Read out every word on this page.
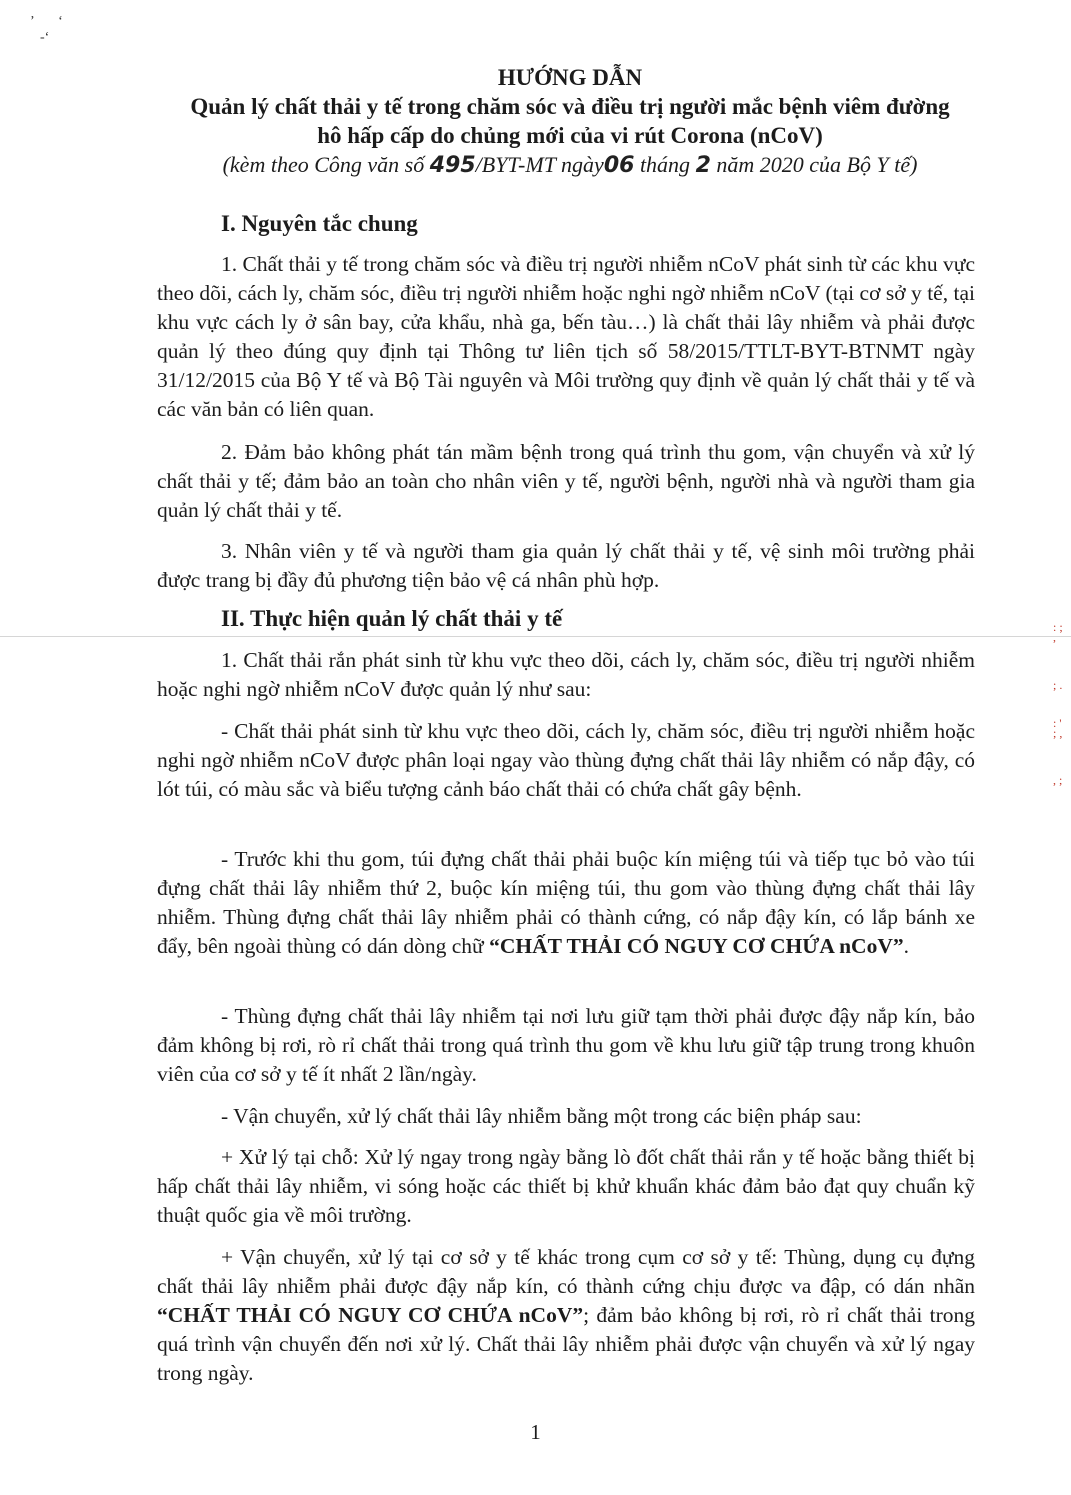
’       ‘
-‘
HƯỚNG DẪN
Quản lý chất thải y tế trong chăm sóc và điều trị người mắc bệnh viêm đường
hô hấp cấp do chủng mới của vi rút Corona (nCoV)
(kèm theo Công văn số 495/BYT-MT ngày06 tháng 2 năm 2020 của Bộ Y tế)
I. Nguyên tắc chung

1. Chất thải y tế trong chăm sóc và điều trị người nhiễm nCoV phát sinh từ các khu vực theo dõi, cách ly, chăm sóc, điều trị người nhiễm hoặc nghi ngờ nhiễm nCoV (tại cơ sở y tế, tại khu vực cách ly ở sân bay, cửa khẩu, nhà ga, bến tàu…) là chất thải lây nhiễm và phải được quản lý theo đúng quy định tại Thông tư liên tịch số 58/2015/TTLT-BYT-BTNMT ngày 31/12/2015 của Bộ Y tế và Bộ Tài nguyên và Môi trường quy định về quản lý chất thải y tế và các văn bản có liên quan.

2. Đảm bảo không phát tán mầm bệnh trong quá trình thu gom, vận chuyển và xử lý chất thải y tế; đảm bảo an toàn cho nhân viên y tế, người bệnh, người nhà và người tham gia quản lý chất thải y tế.

3. Nhân viên y tế và người tham gia quản lý chất thải y tế, vệ sinh môi trường phải được trang bị đầy đủ phương tiện bảo vệ cá nhân phù hợp.

II. Thực hiện quản lý chất thải y tế

1. Chất thải rắn phát sinh từ khu vực theo dõi, cách ly, chăm sóc, điều trị người nhiễm hoặc nghi ngờ nhiễm nCoV được quản lý như sau:

- Chất thải phát sinh từ khu vực theo dõi, cách ly, chăm sóc, điều trị người nhiễm hoặc nghi ngờ nhiễm nCoV được phân loại ngay vào thùng đựng chất thải lây nhiễm có nắp đậy, có lót túi, có màu sắc và biểu tượng cảnh báo chất thải có chứa chất gây bệnh.

- Trước khi thu gom, túi đựng chất thải phải buộc kín miệng túi và tiếp tục bỏ vào túi đựng chất thải lây nhiễm thứ 2, buộc kín miệng túi, thu gom vào thùng đựng chất thải lây nhiễm. Thùng đựng chất thải lây nhiễm phải có thành cứng, có nắp đậy kín, có lắp bánh xe đẩy, bên ngoài thùng có dán dòng chữ “CHẤT THẢI CÓ NGUY CƠ CHỨA nCoV”.

- Thùng đựng chất thải lây nhiễm tại nơi lưu giữ tạm thời phải được đậy nắp kín, bảo đảm không bị rơi, rò rỉ chất thải trong quá trình thu gom về khu lưu giữ tập trung trong khuôn viên của cơ sở y tế ít nhất 2 lần/ngày.

- Vận chuyển, xử lý chất thải lây nhiễm bằng một trong các biện pháp sau:

+ Xử lý tại chỗ: Xử lý ngay trong ngày bằng lò đốt chất thải rắn y tế hoặc bằng thiết bị hấp chất thải lây nhiễm, vi sóng hoặc các thiết bị khử khuẩn khác đảm bảo đạt quy chuẩn kỹ thuật quốc gia về môi trường.

+ Vận chuyển, xử lý tại cơ sở y tế khác trong cụm cơ sở y tế: Thùng, dụng cụ đựng chất thải lây nhiễm phải được đậy nắp kín, có thành cứng chịu được va đập, có dán nhãn “CHẤT THẢI CÓ NGUY CƠ CHỨA nCoV”; đảm bảo không bị rơi, rò rỉ chất thải trong quá trình vận chuyển đến nơi xử lý. Chất thải lây nhiễm phải được vận chuyển và xử lý ngay trong ngày.

1
: ; ,
; .
: ' ; ,
, ;
